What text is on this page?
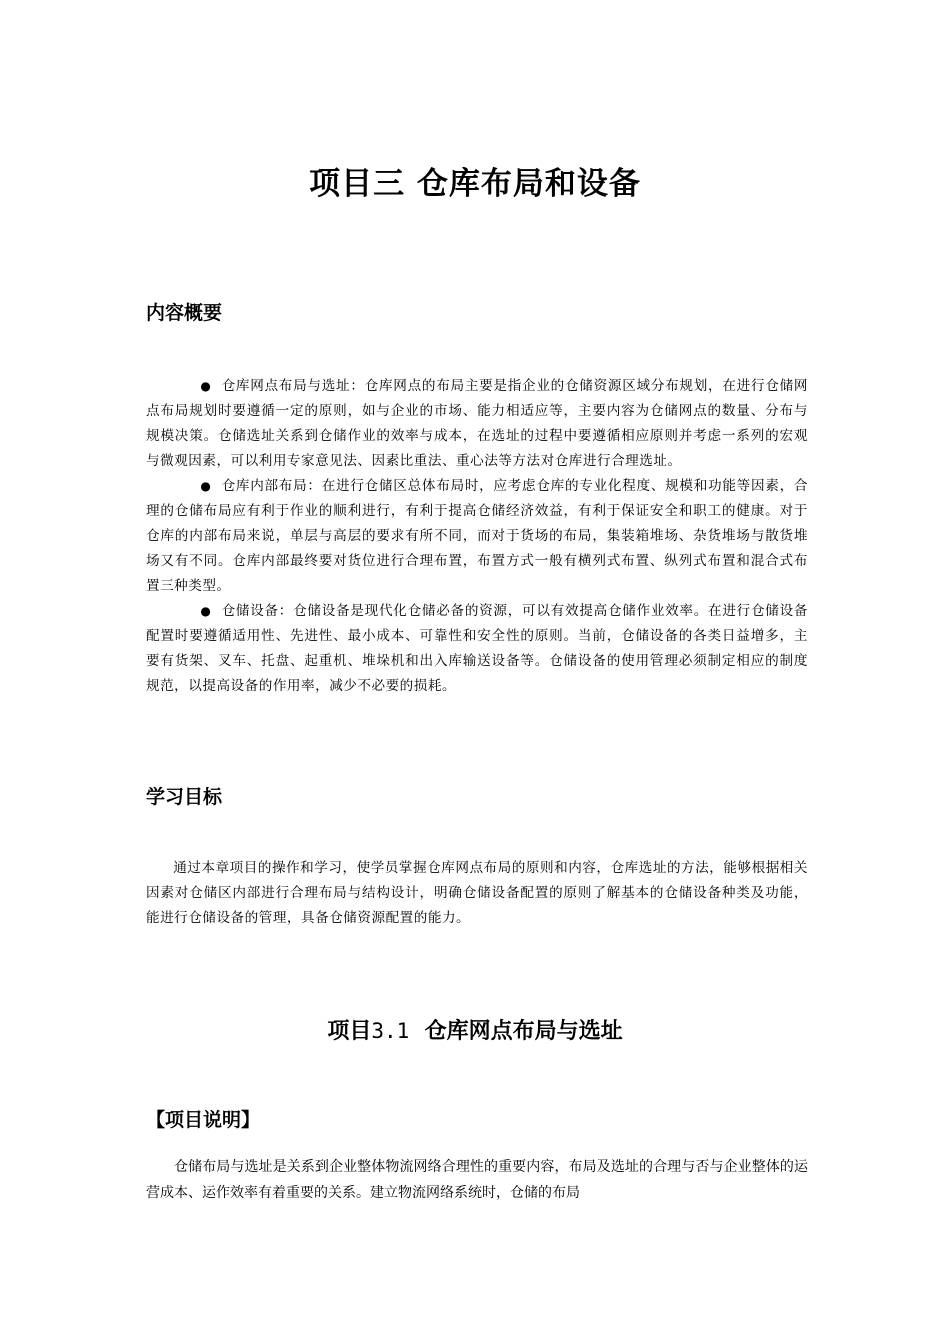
项目三 仓库布局和设备
内容概要

● 仓库网点布局与选址：仓库网点的布局主要是指企业的仓储资源区域分布规划，在进行仓储网点布局规划时要遵循一定的原则，如与企业的市场、能力相适应等，主要内容为仓储网点的数量、分布与规模决策。仓储选址关系到仓储作业的效率与成本，在选址的过程中要遵循相应原则并考虑一系列的宏观与微观因素，可以利用专家意见法、因素比重法、重心法等方法对仓库进行合理选址。

● 仓库内部布局：在进行仓储区总体布局时，应考虑仓库的专业化程度、规模和功能等因素，合理的仓储布局应有利于作业的顺利进行，有利于提高仓储经济效益，有利于保证安全和职工的健康。对于仓库的内部布局来说，单层与高层的要求有所不同，而对于货场的布局，集装箱堆场、杂货堆场与散货堆场又有不同。仓库内部最终要对货位进行合理布置，布置方式一般有横列式布置、纵列式布置和混合式布置三种类型。

● 仓储设备：仓储设备是现代化仓储必备的资源，可以有效提高仓储作业效率。在进行仓储设备配置时要遵循适用性、先进性、最小成本、可靠性和安全性的原则。当前，仓储设备的各类日益增多，主要有货架、叉车、托盘、起重机、堆垛机和出入库输送设备等。仓储设备的使用管理必须制定相应的制度规范，以提高设备的作用率，减少不必要的损耗。

学习目标

通过本章项目的操作和学习，使学员掌握仓库网点布局的原则和内容，仓库选址的方法，能够根据相关因素对仓储区内部进行合理布局与结构设计，明确仓储设备配置的原则了解基本的仓储设备种类及功能，能进行仓储设备的管理，具备仓储资源配置的能力。

项目3.1 仓库网点布局与选址
【项目说明】

仓储布局与选址是关系到企业整体物流网络合理性的重要内容，布局及选址的合理与否与企业整体的运营成本、运作效率有着重要的关系。建立物流网络系统时，仓储的布局
